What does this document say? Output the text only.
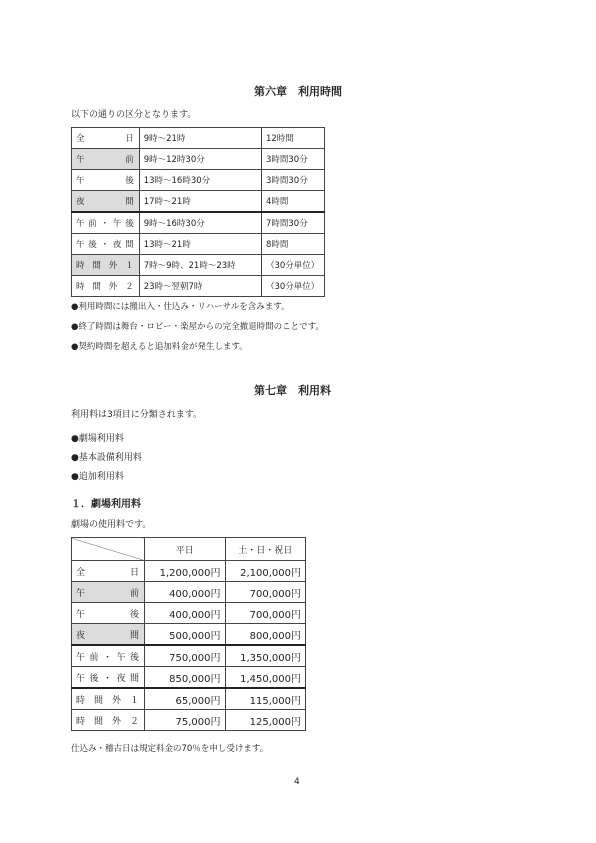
第六章　利用時間
以下の通りの区分となります。
全　日	9時～21時	12時間
午　前	9時～12時30分	3時間30分
午　後	13時～16時30分	3時間30分
夜　間	17時～21時	4時間
午前・午後	9時～16時30分	7時間30分
午後・夜間	13時～21時	8時間
時間外１	7時～9時、21時～23時	（30分単位）
時間外２	23時～翌朝7時	（30分単位）
●利用時間には搬出入・仕込み・リハーサルを含みます。
●終了時間は舞台・ロビー・楽屋からの完全撤退時間のことです。
●契約時間を超えると追加料金が発生します。
第七章　利用料
利用料は3項目に分類されます。
●劇場利用料
●基本設備利用料
●追加利用料
１．劇場利用料
劇場の使用料です。
	平日	土・日・祝日
全　日	1,200,000円	2,100,000円
午　前	400,000円	700,000円
午　後	400,000円	700,000円
夜　間	500,000円	800,000円
午前・午後	750,000円	1,350,000円
午後・夜間	850,000円	1,450,000円
時間外１	65,000円	115,000円
時間外２	75,000円	125,000円
仕込み・稽古日は規定料金の70％を申し受けます。
4
